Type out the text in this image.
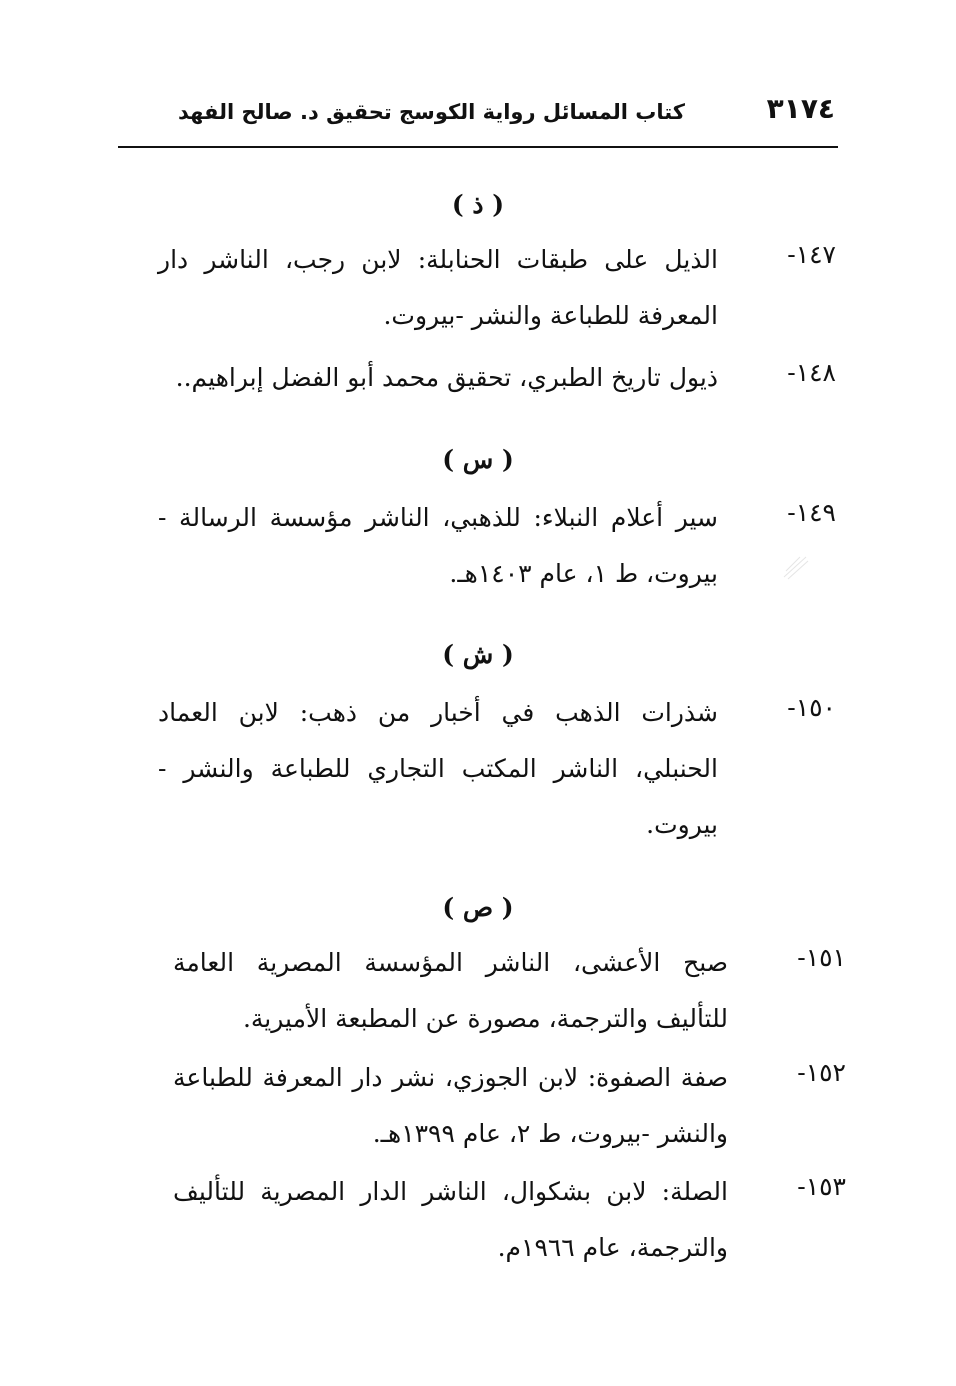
٣١٧٤
كتاب المسائل رواية الكوسج تحقيق د. صالح الفهد
( ذ )
١٤٧-
الذيل على طبقات الحنابلة: لابن رجب، الناشر دار المعرفة للطباعة والنشر -بيروت.
١٤٨-
ذيول تاريخ الطبري، تحقيق محمد أبو الفضل إبراهيم..
( س )
١٤٩-
سير أعلام النبلاء: للذهبي، الناشر مؤسسة الرسالة - بيروت، ط ١، عام ١٤٠٣هـ.
( ش )
١٥٠-
شذرات الذهب في أخبار من ذهب: لابن العماد الحنبلي، الناشر المكتب التجاري للطباعة والنشر - بيروت.
( ص )
١٥١-
صبح الأعشى، الناشر المؤسسة المصرية العامة للتأليف والترجمة، مصورة عن المطبعة الأميرية.
١٥٢-
صفة الصفوة: لابن الجوزي، نشر دار المعرفة للطباعة والنشر -بيروت، ط ٢، عام ١٣٩٩هـ.
١٥٣-
الصلة: لابن بشكوال، الناشر الدار المصرية للتأليف والترجمة، عام ١٩٦٦م.
